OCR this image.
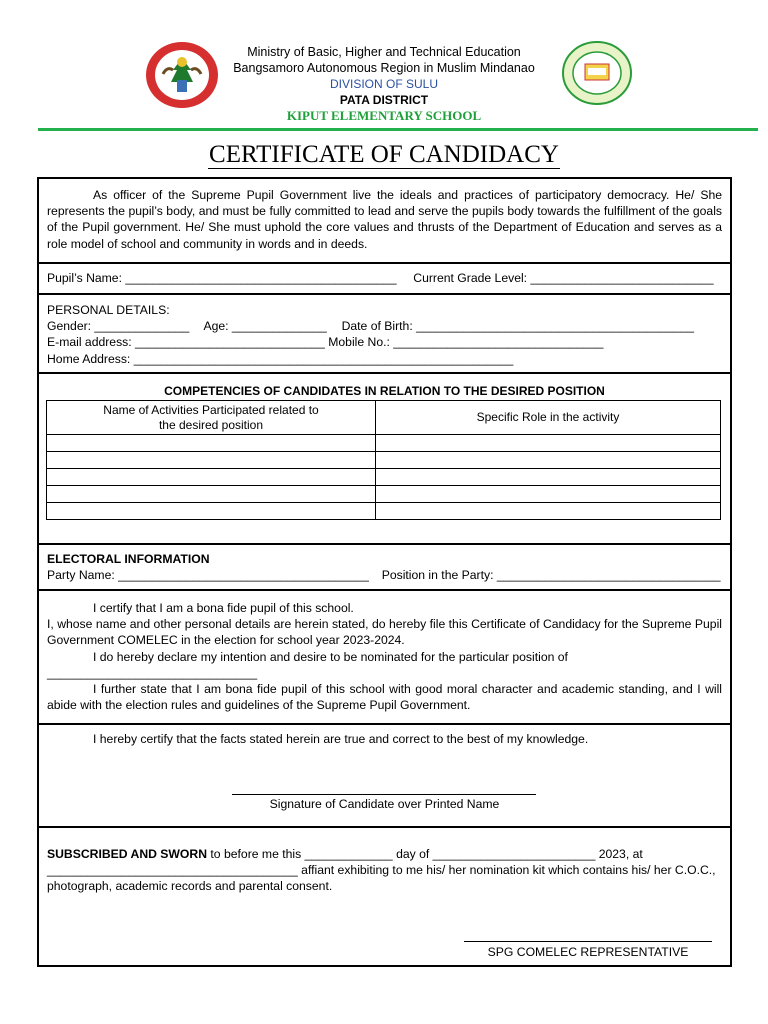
Ministry of Basic, Higher and Technical Education
Bangsamoro Autonomous Region in Muslim Mindanao
DIVISION OF SULU
PATA DISTRICT
KIPUT ELEMENTARY SCHOOL
CERTIFICATE OF CANDIDACY
As officer of the Supreme Pupil Government live the ideals and practices of participatory democracy. He/ She represents the pupil’s body, and must be fully committed to lead and serve the pupils body towards the fulfillment of the goals of the Pupil government. He/ She must uphold the core values and thrusts of the Department of Education and serves as a role model of school and community in words and in deeds.
Pupil’s Name: ________________________________________ Current Grade Level: ___________________________
PERSONAL DETAILS:
Gender: ______________ Age: ______________ Date of Birth: _________________________________________
E-mail address: ____________________________ Mobile No.: _______________________________
Home Address: ________________________________________________________
COMPETENCIES OF CANDIDATES IN RELATION TO THE DESIRED POSITION
Name of Activities Participated related to
the desired position	Specific Role in the activity

ELECTORAL INFORMATION
Party Name: _____________________________________ Position in the Party: _________________________________
I certify that I am a bona fide pupil of this school.
I, whose name and other personal details are herein stated, do hereby file this Certificate of Candidacy for the Supreme Pupil Government COMELEC in the election for school year 2023-2024.
I do hereby declare my intention and desire to be nominated for the particular position of
_______________________________
I further state that I am bona fide pupil of this school with good moral character and academic standing, and I will abide with the election rules and guidelines of the Supreme Pupil Government.
I hereby certify that the facts stated herein are true and correct to the best of my knowledge.
Signature of Candidate over Printed Name
SUBSCRIBED AND SWORN to before me this _____________ day of ________________________ 2023, at
_____________________________________ affiant exhibiting to me his/ her nomination kit which contains his/ her C.O.C., photograph, academic records and parental consent.
SPG COMELEC REPRESENTATIVE
